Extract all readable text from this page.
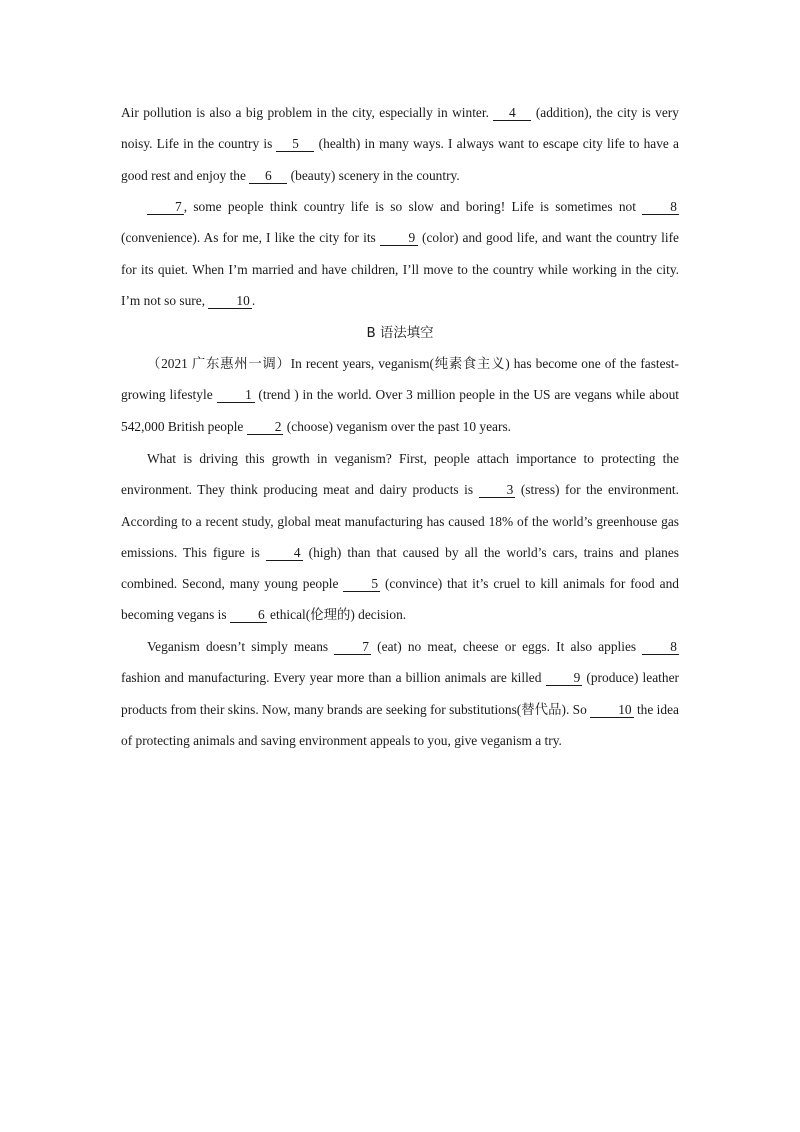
Air pollution is also a big problem in the city, especially in winter. 4 (addition), the city is very noisy. Life in the country is 5 (health) in many ways. I always want to escape city life to have a good rest and enjoy the 6 (beauty) scenery in the country.

7 , some people think country life is so slow and boring! Life is sometimes not	8 (convenience). As for me, I like the city for its 9 (color) and good life, and want the country life for its quiet. When I’m married and have children, I’ll move to the country while working in the city. I’m not so sure, 10 .

B 语法填空

（2021 广东惠州一调）In recent years, veganism(纯素食主义) has become one of the fastest-growing lifestyle 1 (trend ) in the world. Over 3 million people in the US are vegans while about 542,000 British people 2 (choose) veganism over the past 10 years.

What is driving this growth in veganism? First, people attach importance to protecting the environment. They think producing meat and dairy products is	3 (stress) for the environment. According to a recent study, global meat manufacturing has caused 18% of the world’s greenhouse gas emissions. This figure is	4 (high) than that caused by all the world’s cars, trains and planes combined. Second, many young people 5 (convince) that it’s cruel to kill animals for food and becoming vegans is 6 ethical(伦理的) decision.

Veganism doesn’t simply means	7 (eat) no meat, cheese or eggs. It also applies	8 fashion and manufacturing. Every year more than a billion animals are killed 9 (produce) leather products from their skins. Now, many brands are seeking for substitutions(替代品). So 10 the idea of protecting animals and saving environment appeals to you, give veganism a try.
